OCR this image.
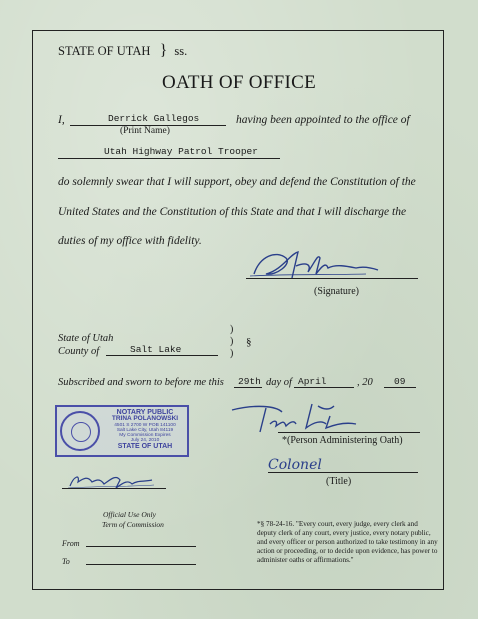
STATE OF UTAH } ss.
OATH OF OFFICE
I,	Derrick Gallegos
(Print Name)
having been appointed to the office of
Utah Highway Patrol Trooper
do solemnly swear that I will support, obey and defend the Constitution of the
United States and the Constitution of this State and that I will discharge the
duties of my office with fidelity.
(Signature)
State of Utah
County of	Salt Lake
)
)
)
§
Subscribed and sworn to before me this 29th day of April	, 20 09
NOTARY PUBLIC
TRINA POLANOWSKI
4501 S 2700 W POB 141100
Salt Lake City, Utah 84119
My Commission Expires
July 24, 2010
STATE OF UTAH
*(Person Administering Oath)
Colonel
(Title)
Official Use Only
Term of Commission
From
To
*§ 78-24-16. "Every court, every judge, every clerk and deputy clerk of any court, every justice, every notary public, and every officer or person authorized to take testimony in any action or proceeding, or to decide upon evidence, has power to administer oaths or affirmations."
